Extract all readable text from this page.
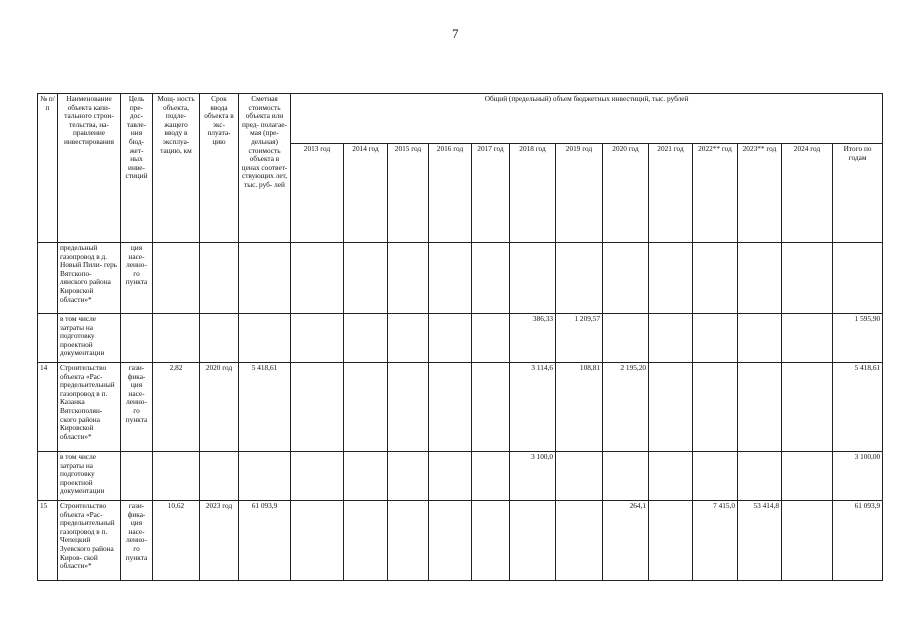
7
№ п/п	Наименование объекта капи- тального строи- тельства, на- правление инвестирования	Цель пре- дос- тавле- ния бюд- жет- ных инве- стиций	Мощ- ность объекта, подле- жащего вводу в эксплуа- тацию, км	Срок ввода объекта в экс- плуата- цию	Сметная стоимость объекта или пред- полагае- мая (пре- дельная) стоимость объекта в ценах соответ- ствующих лет, тыс. руб- лей	Общий (предельный) объем бюджетных инвестиций, тыс. рублей												
						2013 год	2014 год	2015 год	2016 год	2017 год	2018 год	2019 год	2020 год	2021 год	2022** год	2023** год	2024 год	Итого по годам
	предельный газопровод в д. Новый Пили- герь Вятскопо- лянского района Кировской области»*	ция насе- ленно- го пункта																
	в том числе затраты на подготовку проектной документации										386,33	1 209,57						1 595,90
14	Строительство объекта «Рас- предельительный газопровод в п. Казанка Вятскополян- ского района Кировской области»*	гази- фика- ция насе- ленно- го пункта	2,82	2020 год	5 418,61						3 114,6	108,81	2 195,20					5 418,61
	в том числе затраты на подготовку проектной документации										3 100,0							3 100,00
15	Строительство объекта «Рас- предельительный газопровод в п. Чепецкий Зуевского района Киров- ской области»*	гази- фика- ция насе- ленно- го пункта	10,62	2023 год	61 093,9								264,1		7 415,0	53 414,8		61 093,9
